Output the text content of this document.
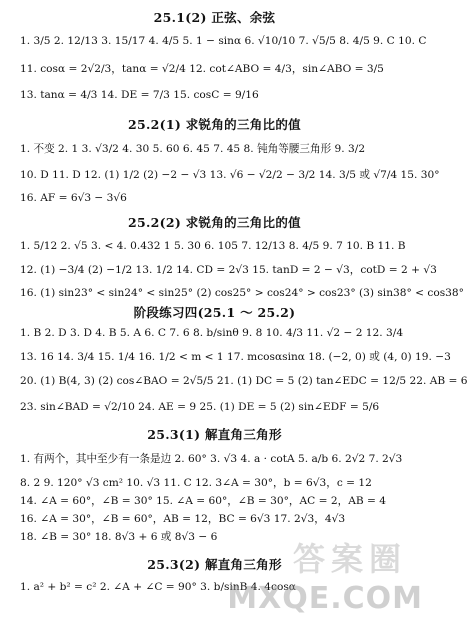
25.1(2) 正弦、余弦
1. 3/5 2. 12/13 3. 15/17 4. 4/5 5. 1 − sinα 6. √10/10 7. √5/5 8. 4/5 9. C 10. C
11. cosα = 2√2/3，tanα = √2/4 12. cot∠ABO = 4/3，sin∠ABO = 3/5
13. tanα = 4/3 14. DE = 7/3 15. cosC = 9/16
25.2(1) 求锐角的三角比的值
1. 不变 2. 1 3. √3/2 4. 30 5. 60 6. 45 7. 45 8. 钝角等腰三角形 9. 3/2
10. D 11. D 12. (1) 1/2 (2) −2 − √3 13. √6 − √2/2 − 3/2 14. 3/5 或 √7/4 15. 30°
16. AF = 6√3 − 3√6
25.2(2) 求锐角的三角比的值
1. 5/12 2. √5 3. < 4. 0.432 1 5. 30 6. 105 7. 12/13 8. 4/5 9. 7 10. B 11. B
12. (1) −3/4 (2) −1/2 13. 1/2 14. CD = 2√3 15. tanD = 2 − √3，cotD = 2 + √3
16. (1) sin23° < sin24° < sin25° (2) cos25° > cos24° > cos23° (3) sin38° < cos38°
阶段练习四(25.1 ～ 25.2)
1. B 2. D 3. D 4. B 5. A 6. C 7. 6 8. b/sinθ 9. 8 10. 4/3 11. √2 − 2 12. 3/4
13. 16 14. 3/4 15. 1/4 16. 1/2 < m < 1 17. mcosαsinα 18. (−2, 0) 或 (4, 0) 19. −3
20. (1) B(4, 3) (2) cos∠BAO = 2√5/5 21. (1) DC = 5 (2) tan∠EDC = 12/5 22. AB = 6
23. sin∠BAD = √2/10 24. AE = 9 25. (1) DE = 5 (2) sin∠EDF = 5/6
25.3(1) 解直角三角形
1. 有两个，其中至少有一条是边 2. 60° 3. √3 4. a · cotA 5. a/b 6. 2√2 7. 2√3
8. 2 9. 120° √3 cm² 10. √3 11. C 12. 3∠A = 30°，b = 6√3，c = 12
14. ∠A = 60°，∠B = 30° 15. ∠A = 60°，∠B = 30°，AC = 2，AB = 4
16. ∠A = 30°，∠B = 60°，AB = 12，BC = 6√3 17. 2√3，4√3
18. ∠B = 30° 18. 8√3 + 6 或 8√3 − 6
25.3(2) 解直角三角形
1. a² + b² = c² 2. ∠A + ∠C = 90° 3. b/sinB 4. 4cosα
答案圈
MXQE.COM
